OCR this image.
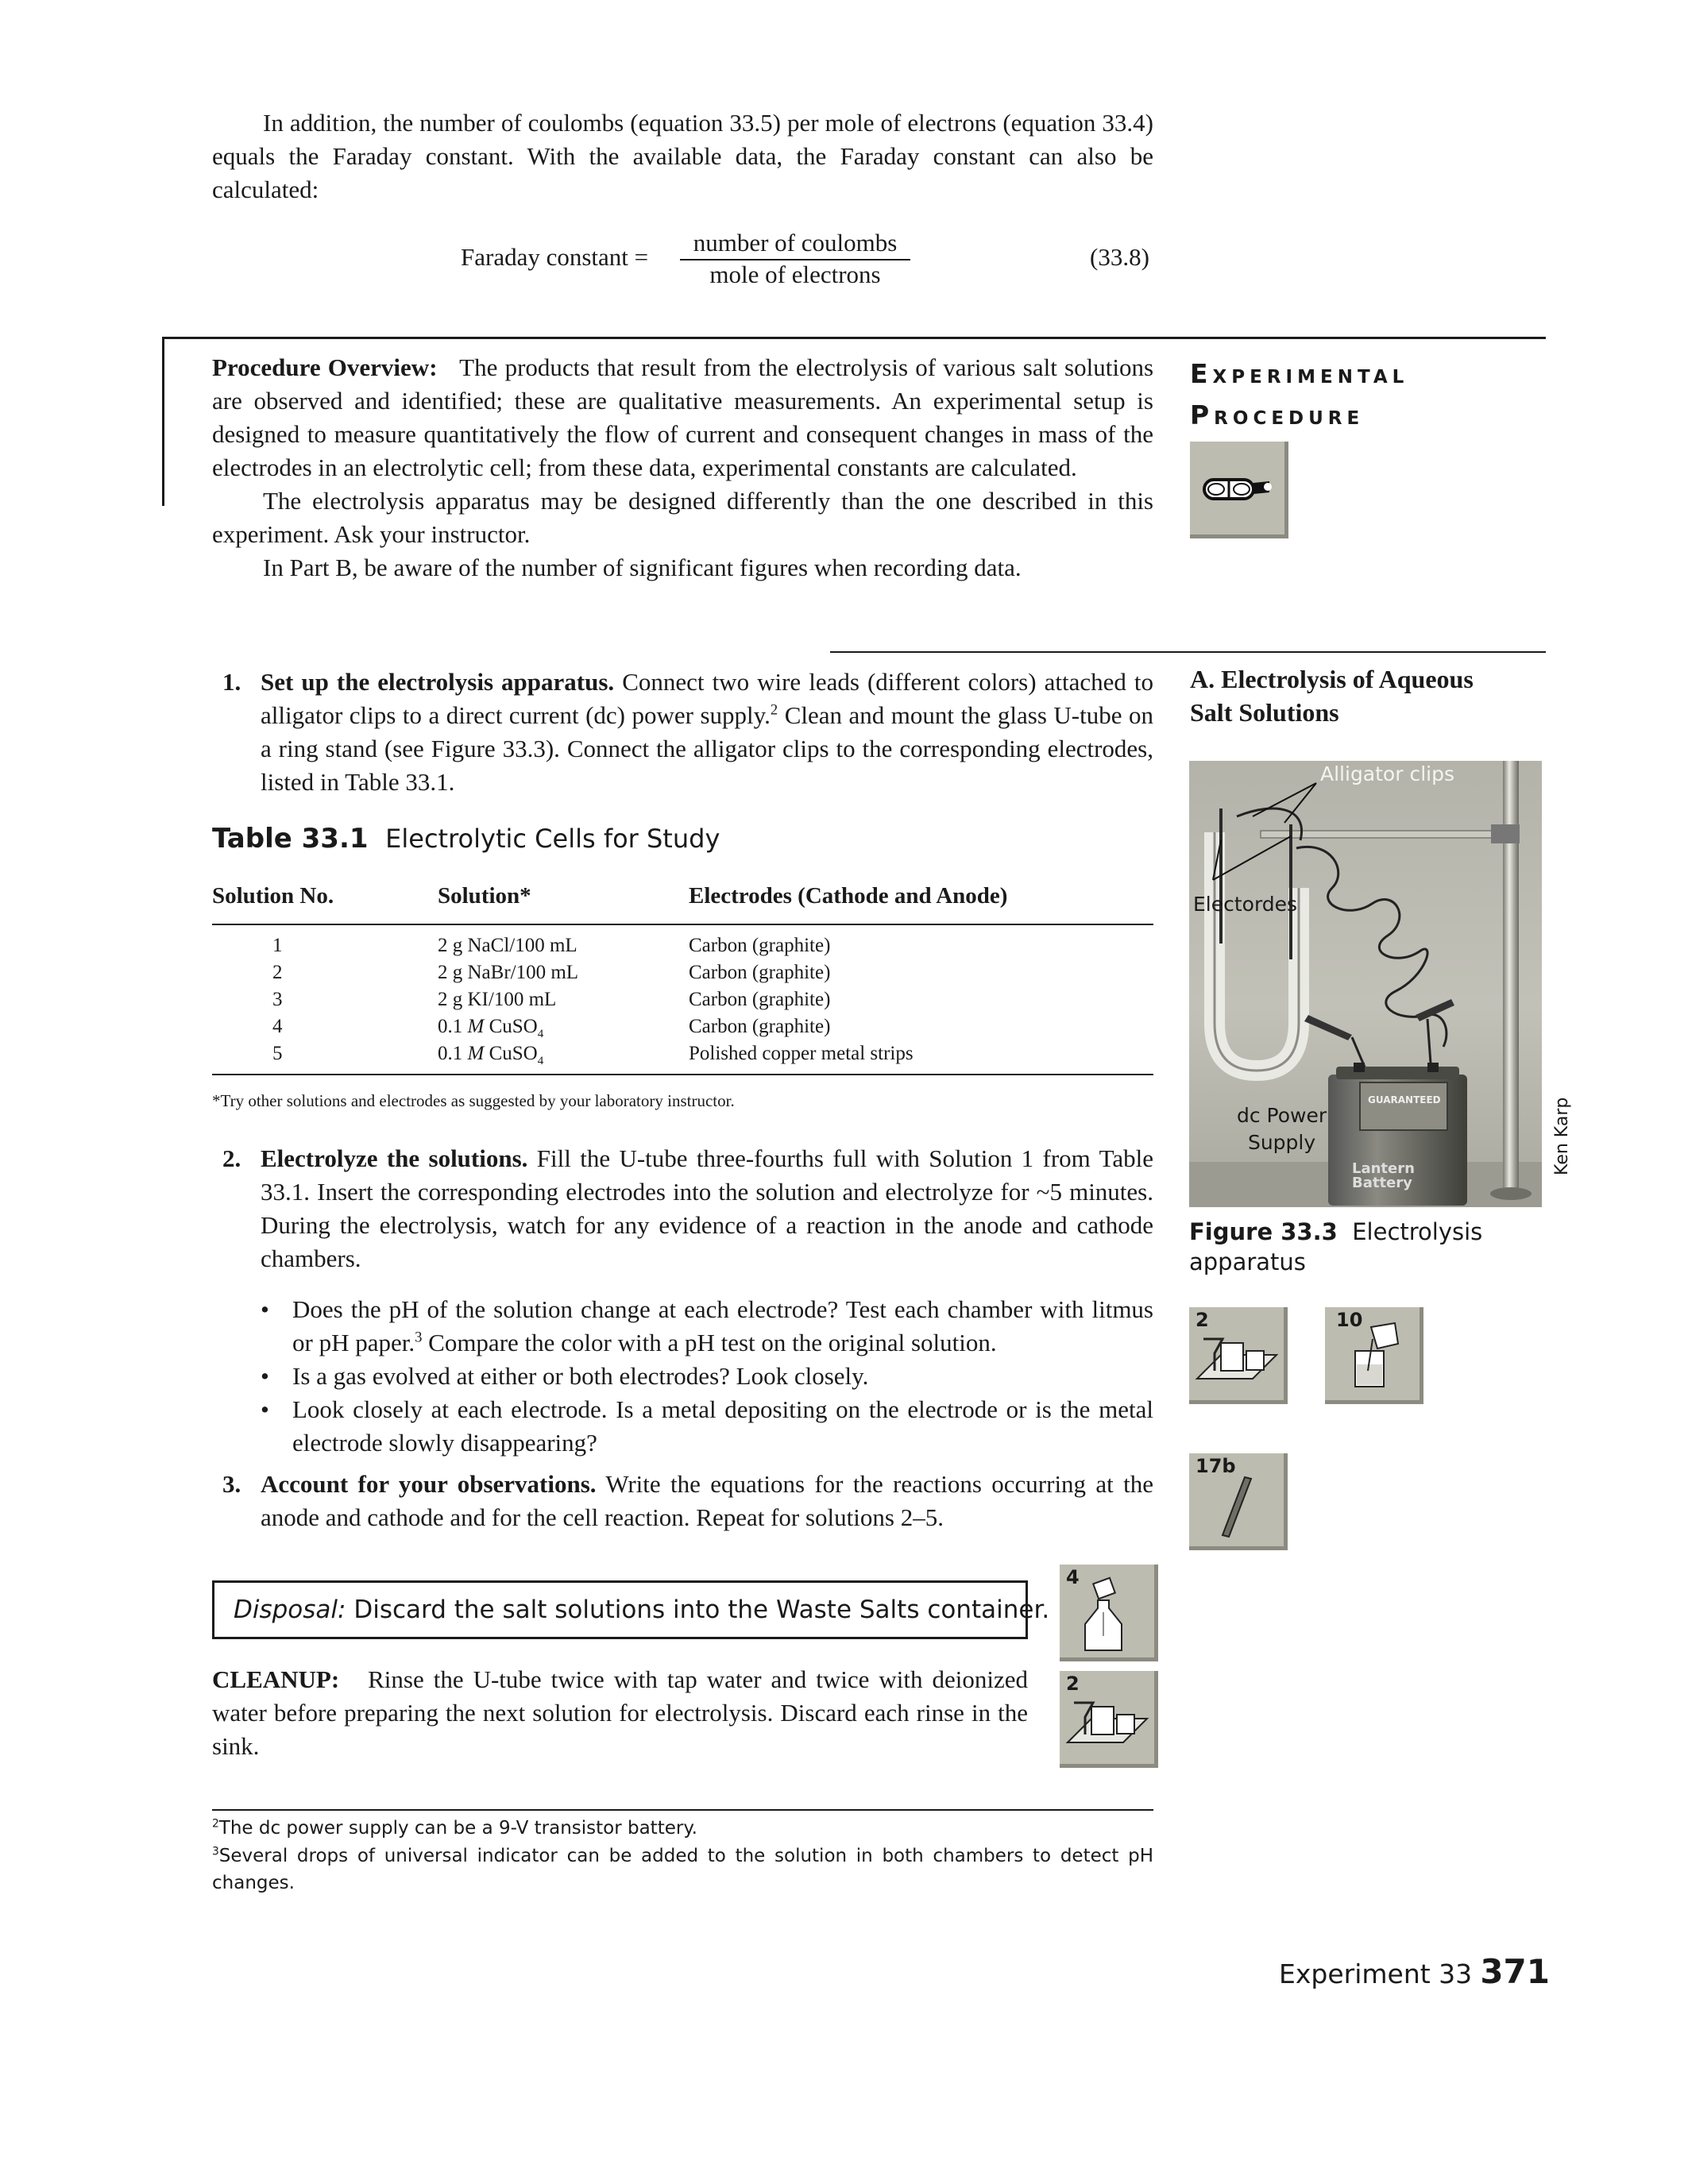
In addition, the number of coulombs (equation 33.5) per mole of electrons (equation 33.4) equals the Faraday constant. With the available data, the Faraday constant can also be calculated:

Faraday constant =
number of coulombs
mole of electrons
(33.8)

Procedure Overview: The products that result from the electrolysis of various salt solutions are observed and identified; these are qualitative measurements. An experimental setup is designed to measure quantitatively the flow of current and consequent changes in mass of the electrodes in an electrolytic cell; from these data, experimental constants are calculated.

The electrolysis apparatus may be designed differently than the one described in this experiment. Ask your instructor.

In Part B, be aware of the number of significant figures when recording data.

Experimental
Procedure
A. Electrolysis of Aqueous
Salt Solutions
1. Set up the electrolysis apparatus. Connect two wire leads (different colors) attached to alligator clips to a direct current (dc) power supply.$^2$ Clean and mount the glass U-tube on a ring stand (see Figure 33.3). Connect the alligator clips to the corresponding electrodes, listed in Table 33.1.

Table 33.1 Electrolytic Cells for Study
Solution No.	Solution*	Electrodes (Cathode and Anode)
1	2 g NaCl/100 mL	Carbon (graphite)
2	2 g NaBr/100 mL	Carbon (graphite)
3	2 g KI/100 mL	Carbon (graphite)
4	0.1 M CuSO$_4$	Carbon (graphite)
5	0.1 M CuSO$_4$	Polished copper metal strips
*Try other solutions and electrodes as suggested by your laboratory instructor.
Alligator clips
Electordes
dc Power
Supply
GUARANTEED
Lantern
Battery
Ken Karp
Figure 33.3 Electrolysis
apparatus
2. Electrolyze the solutions. Fill the U-tube three-fourths full with Solution 1 from Table 33.1. Insert the corresponding electrodes into the solution and electrolyze for ~5 minutes. During the electrolysis, watch for any evidence of a reaction in the anode and cathode chambers.

• Does the pH of the solution change at each electrode? Test each chamber with litmus or pH paper.$^3$ Compare the color with a pH test on the original solution.

• Is a gas evolved at either or both electrodes? Look closely.

• Look closely at each electrode. Is a metal depositing on the electrode or is the metal electrode slowly disappearing?

3. Account for your observations. Write the equations for the reactions occurring at the anode and cathode and for the cell reaction. Repeat for solutions 2–5.

2	10
17b
Disposal: Discard the salt solutions into the Waste Salts container.
4

CLEANUP: Rinse the U-tube twice with tap water and twice with deionized water before preparing the next solution for electrolysis. Discard each rinse in the sink.

2
$^2$The dc power supply can be a 9-V transistor battery.
$^3$Several drops of universal indicator can be added to the solution in both chambers to detect pH changes.
Experiment 33 371
